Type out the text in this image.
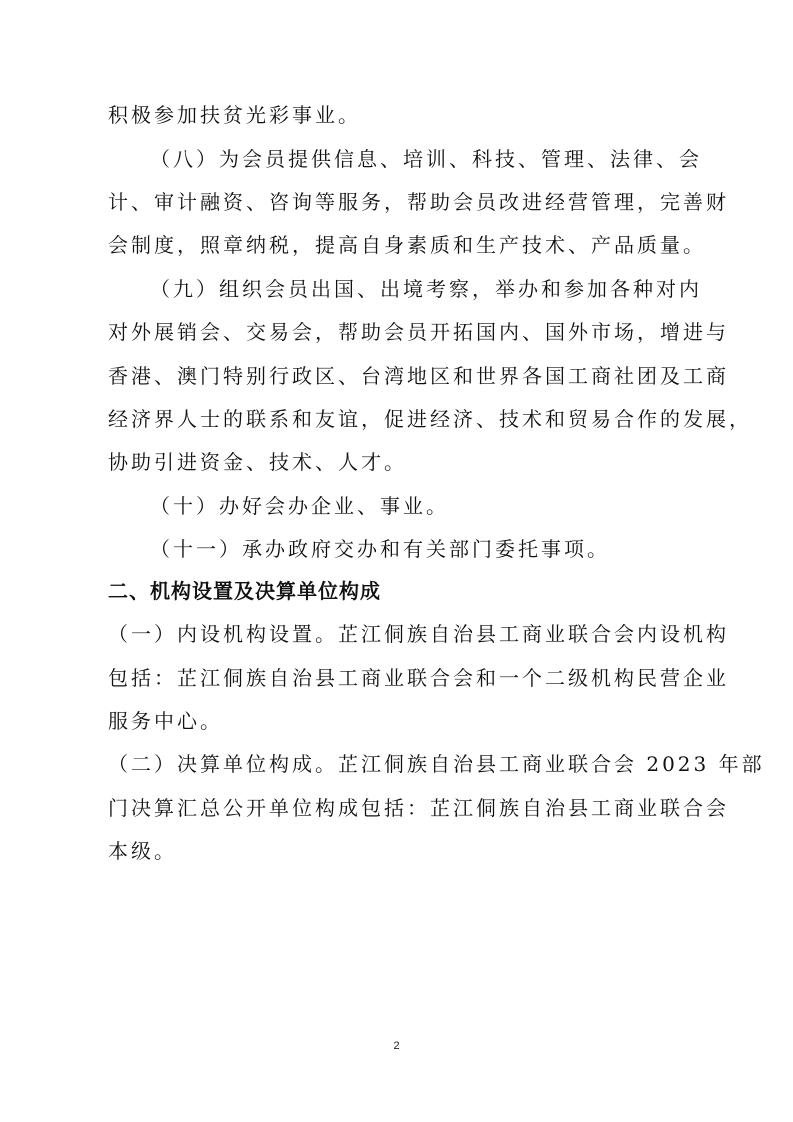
积极参加扶贫光彩事业。
（八）为会员提供信息、培训、科技、管理、法律、会
计、审计融资、咨询等服务，帮助会员改进经营管理，完善财
会制度，照章纳税，提高自身素质和生产技术、产品质量。
（九）组织会员出国、出境考察，举办和参加各种对内
对外展销会、交易会，帮助会员开拓国内、国外市场，增进与
香港、澳门特别行政区、台湾地区和世界各国工商社团及工商
经济界人士的联系和友谊，促进经济、技术和贸易合作的发展，
协助引进资金、技术、人才。
（十）办好会办企业、事业。
（十一）承办政府交办和有关部门委托事项。
二、机构设置及决算单位构成
（一）内设机构设置。芷江侗族自治县工商业联合会内设机构
包括：芷江侗族自治县工商业联合会和一个二级机构民营企业
服务中心。
（二）决算单位构成。芷江侗族自治县工商业联合会 2023 年部
门决算汇总公开单位构成包括：芷江侗族自治县工商业联合会
本级。
2
